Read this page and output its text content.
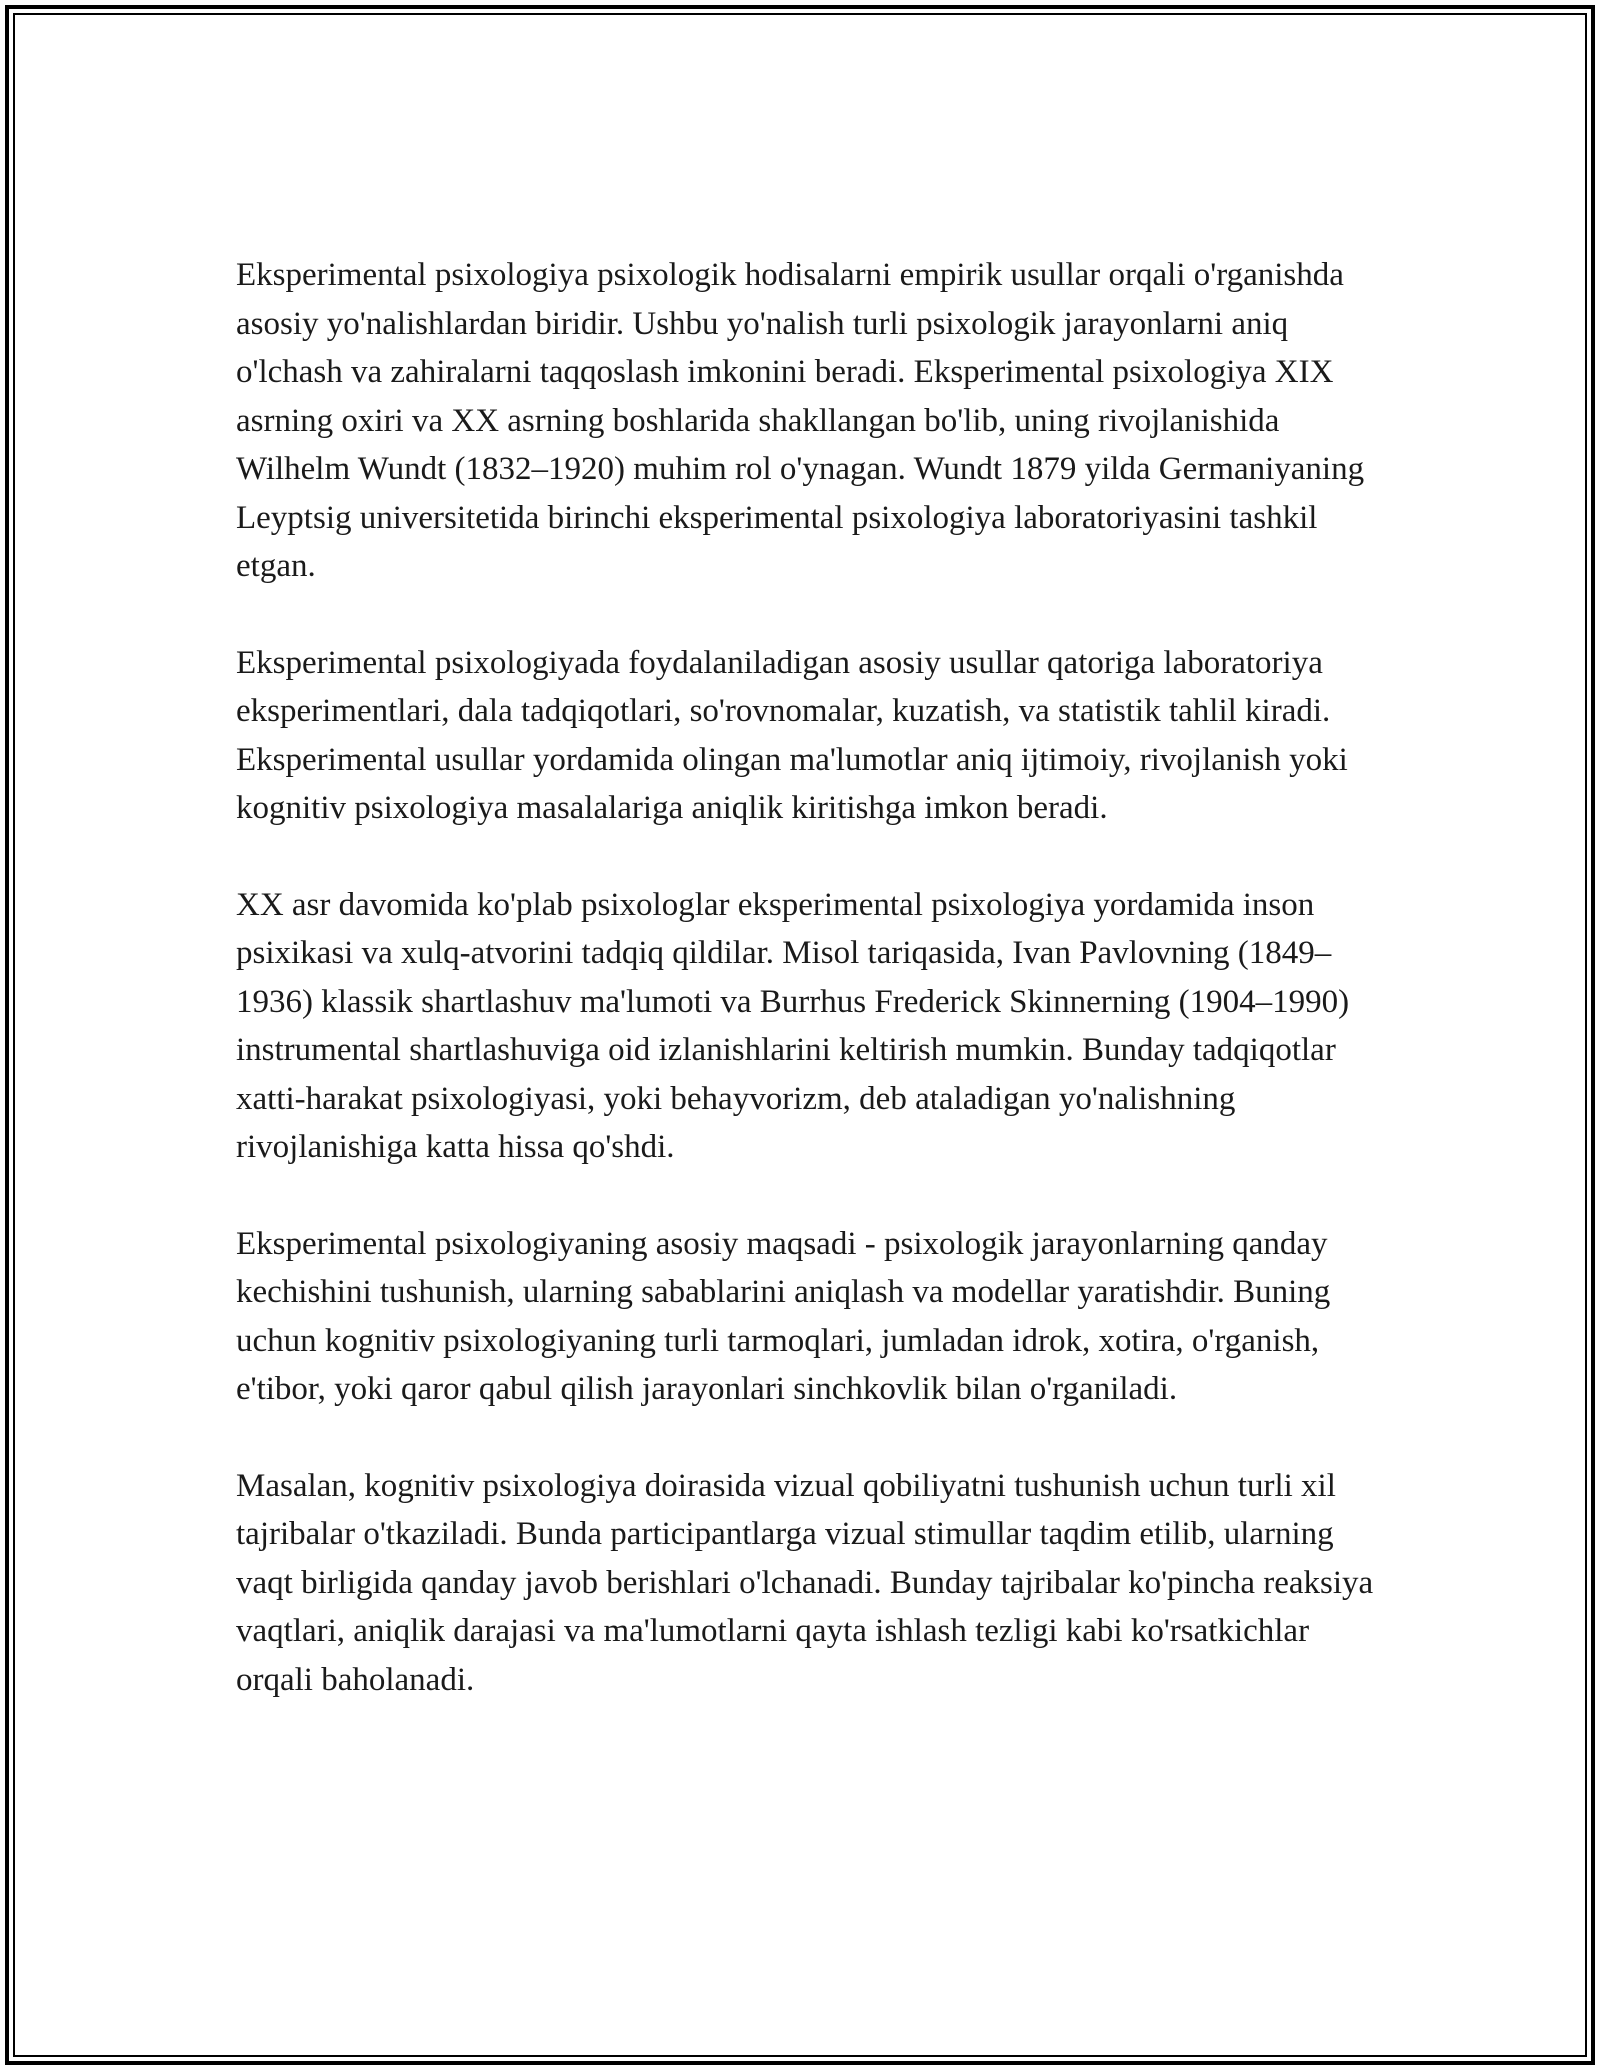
Eksperimental psixologiya psixologik hodisalarni empirik usullar orqali o'rganishda asosiy yo'nalishlardan biridir. Ushbu yo'nalish turli psixologik jarayonlarni aniq o'lchash va zahiralarni taqqoslash imkonini beradi. Eksperimental psixologiya XIX asrning oxiri va XX asrning boshlarida shakllangan bo'lib, uning rivojlanishida Wilhelm Wundt (1832–1920) muhim rol o'ynagan. Wundt 1879 yilda Germaniyaning Leyptsig universitetida birinchi eksperimental psixologiya laboratoriyasini tashkil etgan.

Eksperimental psixologiyada foydalaniladigan asosiy usullar qatoriga laboratoriya eksperimentlari, dala tadqiqotlari, so'rovnomalar, kuzatish, va statistik tahlil kiradi. Eksperimental usullar yordamida olingan ma'lumotlar aniq ijtimoiy, rivojlanish yoki kognitiv psixologiya masalalariga aniqlik kiritishga imkon beradi.

XX asr davomida ko'plab psixologlar eksperimental psixologiya yordamida inson psixikasi va xulq-atvorini tadqiq qildilar. Misol tariqasida, Ivan Pavlovning (1849–1936) klassik shartlashuv ma'lumoti va Burrhus Frederick Skinnerning (1904–1990) instrumental shartlashuviga oid izlanishlarini keltirish mumkin. Bunday tadqiqotlar xatti-harakat psixologiyasi, yoki behayvorizm, deb ataladigan yo'nalishning rivojlanishiga katta hissa qo'shdi.

Eksperimental psixologiyaning asosiy maqsadi - psixologik jarayonlarning qanday kechishini tushunish, ularning sabablarini aniqlash va modellar yaratishdir. Buning uchun kognitiv psixologiyaning turli tarmoqlari, jumladan idrok, xotira, o'rganish, e'tibor, yoki qaror qabul qilish jarayonlari sinchkovlik bilan o'rganiladi.

Masalan, kognitiv psixologiya doirasida vizual qobiliyatni tushunish uchun turli xil tajribalar o'tkaziladi. Bunda participantlarga vizual stimullar taqdim etilib, ularning vaqt birligida qanday javob berishlari o'lchanadi. Bunday tajribalar ko'pincha reaksiya vaqtlari, aniqlik darajasi va ma'lumotlarni qayta ishlash tezligi kabi ko'rsatkichlar orqali baholanadi.
